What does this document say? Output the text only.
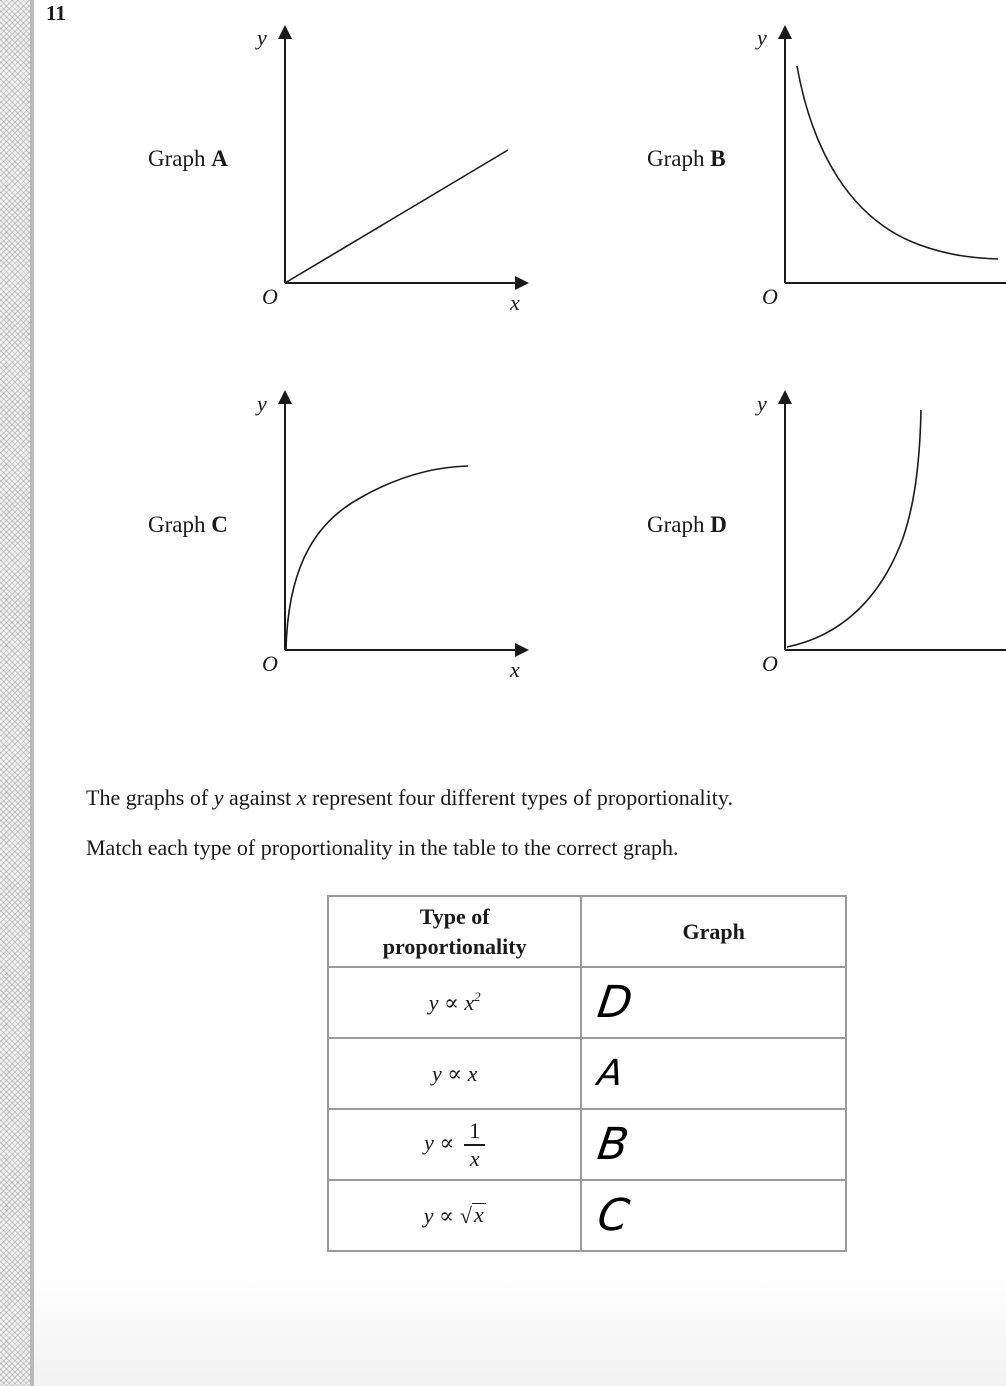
11
Graph A
y
O	x
Graph B
y
O
Graph C
y
O	x
Graph D
y
O
The graphs of y against x represent four different types of proportionality.
Match each type of proportionality in the table to the correct graph.
Type of
proportionality	Graph
$y \propto x^2$	D
y ∝ x	A
$y \propto \frac{1}{x}$	B
y ∝ √ x	C
